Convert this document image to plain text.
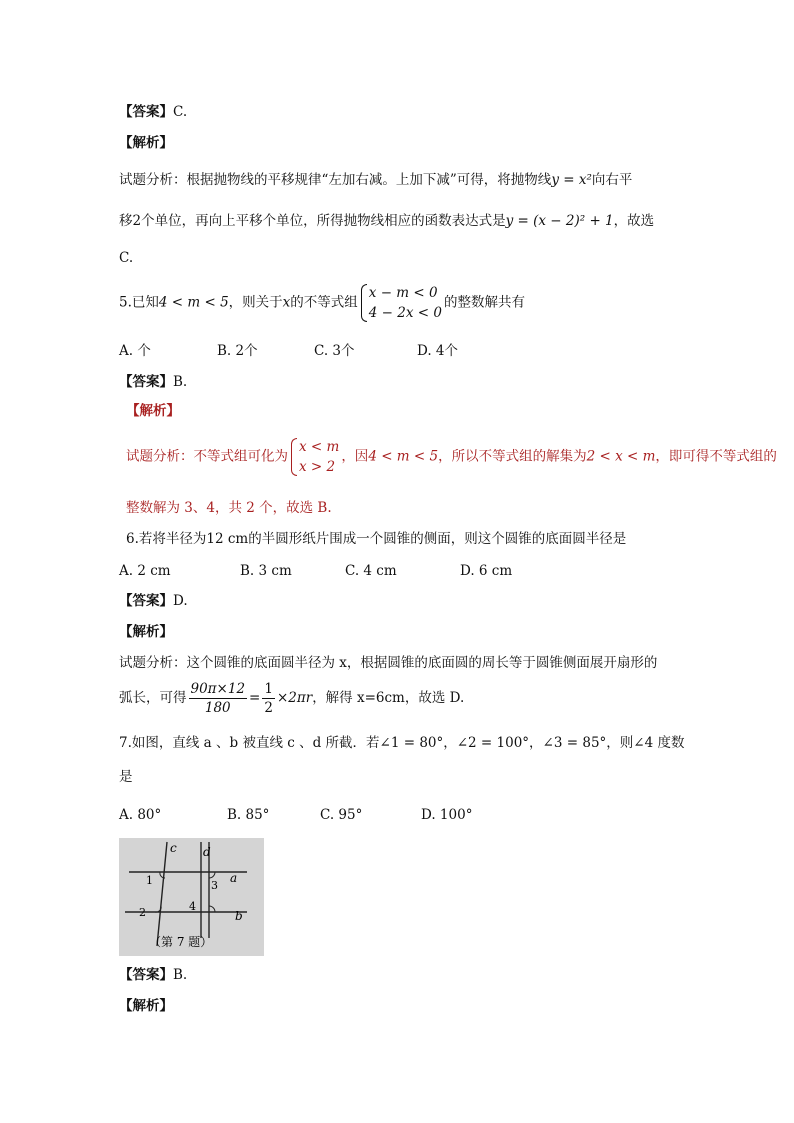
【答案】C.
【解析】
试题分析：根据抛物线的平移规律“左加右减。上加下减”可得，将抛物线y = x²向右平
移2个单位，再向上平移个单位，所得抛物线相应的函数表达式是y = (x − 2)² + 1，故选
C.
5.已知4 < m < 5，则关于x的不等式组
x − m < 0
4 − 2x < 0
的整数解共有
A. 个	B. 2个	C. 3个	D. 4个
【答案】B.
【解析】
试题分析：不等式组可化为
x < m
x > 2
，因4 < m < 5，所以不等式组的解集为2 < x < m，即可得不等式组的
整数解为 3、4，共 2 个，故选 B.
6.若将半径为12 cm的半圆形纸片围成一个圆锥的侧面，则这个圆锥的底面圆半径是
A. 2 cm	B. 3 cm	C. 4 cm	D. 6 cm
【答案】D.
【解析】
试题分析：这个圆锥的底面圆半径为 x，根据圆锥的底面圆的周长等于圆锥侧面展开扇形的
弧长，可得 $\frac{90\pi\times 12}{180} = \frac{1}{2} \times 2\pi r$，解得 x=6cm，故选 D.
7.如图，直线 a 、b 被直线 c 、d 所截．若∠1 = 80°，∠2 = 100°，∠3 = 85°，则∠4 度数
是
A. 80°	B. 85°	C. 95°	D. 100°
c d
a
b
1
2
3
4
（第 7 题）
【答案】B.
【解析】
